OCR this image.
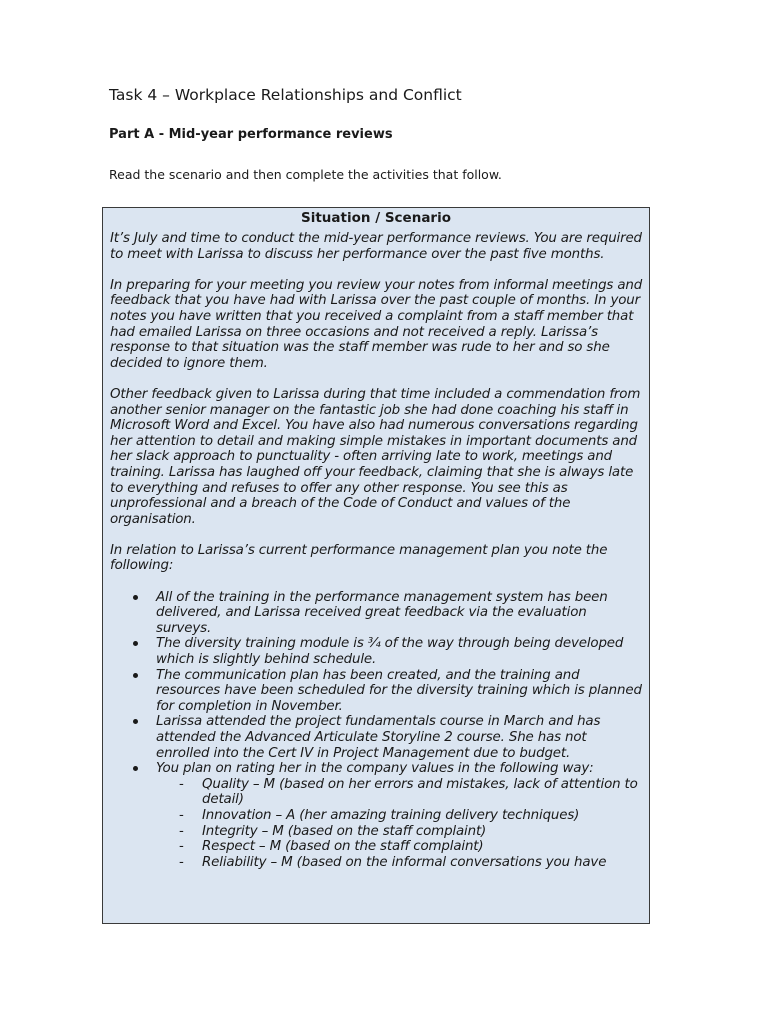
Task 4 – Workplace Relationships and Conflict
Part A - Mid-year performance reviews

Read the scenario and then complete the activities that follow.

Situation / Scenario

It’s July and time to conduct the mid-year performance reviews. You are required to meet with Larissa to discuss her performance over the past five months.

In preparing for your meeting you review your notes from informal meetings and feedback that you have had with Larissa over the past couple of months. In your notes you have written that you received a complaint from a staff member that had emailed Larissa on three occasions and not received a reply. Larissa’s response to that situation was the staff member was rude to her and so she decided to ignore them.

Other feedback given to Larissa during that time included a commendation from another senior manager on the fantastic job she had done coaching his staff in Microsoft Word and Excel. You have also had numerous conversations regarding her attention to detail and making simple mistakes in important documents and her slack approach to punctuality - often arriving late to work, meetings and training. Larissa has laughed off your feedback, claiming that she is always late to everything and refuses to offer any other response. You see this as unprofessional and a breach of the Code of Conduct and values of the organisation.

In relation to Larissa’s current performance management plan you note the following:

All of the training in the performance management system has been delivered, and Larissa received great feedback via the evaluation surveys.
The diversity training module is ¾ of the way through being developed which is slightly behind schedule.
The communication plan has been created, and the training and resources have been scheduled for the diversity training which is planned for completion in November.
Larissa attended the project fundamentals course in March and has attended the Advanced Articulate Storyline 2 course. She has not enrolled into the Cert IV in Project Management due to budget.
You plan on rating her in the company values in the following way:
- Quality – M (based on her errors and mistakes, lack of attention to detail)
- Innovation – A (her amazing training delivery techniques)
- Integrity – M (based on the staff complaint)
- Respect – M (based on the staff complaint)
- Reliability – M (based on the informal conversations you have
